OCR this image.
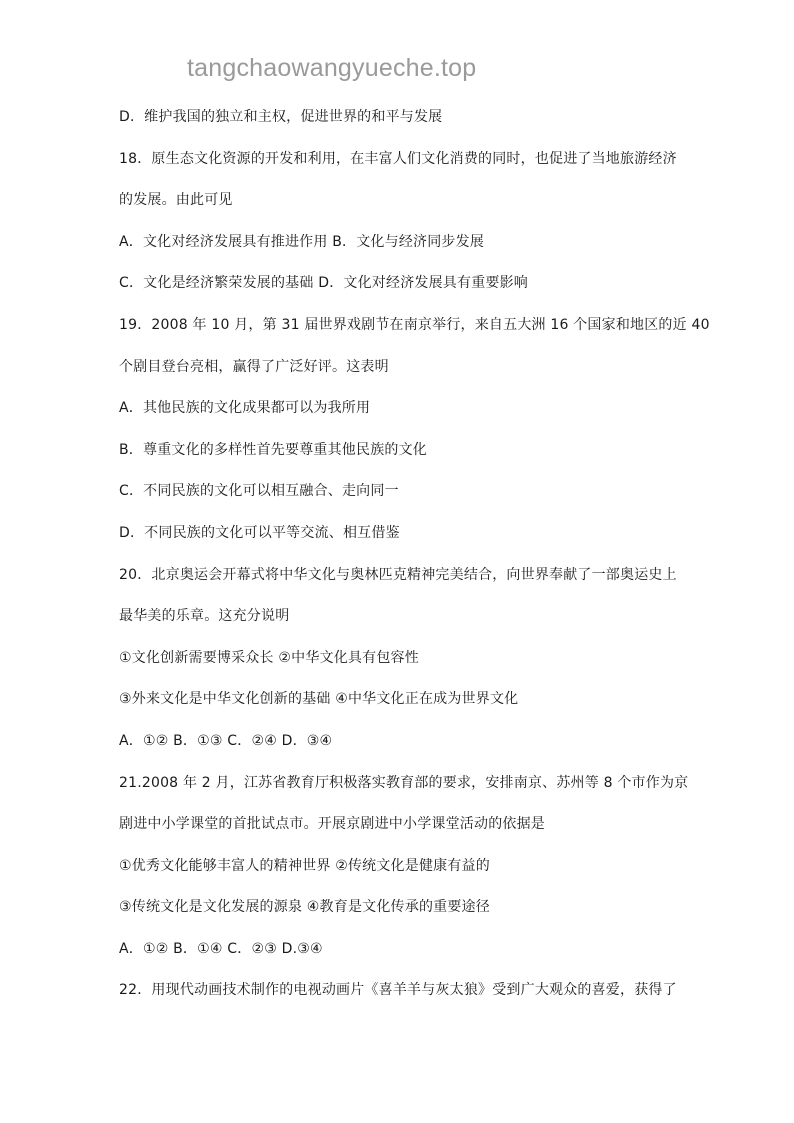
tangchaowangyueche.top
D．维护我国的独立和主权，促进世界的和平与发展
18．原生态文化资源的开发和利用，在丰富人们文化消费的同时，也促进了当地旅游经济
的发展。由此可见
A．文化对经济发展具有推进作用 B．文化与经济同步发展
C．文化是经济繁荣发展的基础 D．文化对经济发展具有重要影响
19．2008 年 10 月，第 31 届世界戏剧节在南京举行，来自五大洲 16 个国家和地区的近 40
个剧目登台亮相，赢得了广泛好评。这表明
A．其他民族的文化成果都可以为我所用
B．尊重文化的多样性首先要尊重其他民族的文化
C．不同民族的文化可以相互融合、走向同一
D．不同民族的文化可以平等交流、相互借鉴
20．北京奥运会开幕式将中华文化与奥林匹克精神完美结合，向世界奉献了一部奥运史上
最华美的乐章。这充分说明
①文化创新需要博采众长 ②中华文化具有包容性
③外来文化是中华文化创新的基础 ④中华文化正在成为世界文化
A．①② B．①③ C．②④ D．③④
21.2008 年 2 月，江苏省教育厅积极落实教育部的要求，安排南京、苏州等 8 个市作为京
剧进中小学课堂的首批试点市。开展京剧进中小学课堂活动的依据是
①优秀文化能够丰富人的精神世界 ②传统文化是健康有益的
③传统文化是文化发展的源泉 ④教育是文化传承的重要途径
A．①② B．①④ C．②③ D.③④
22．用现代动画技术制作的电视动画片《喜羊羊与灰太狼》受到广大观众的喜爱，获得了
